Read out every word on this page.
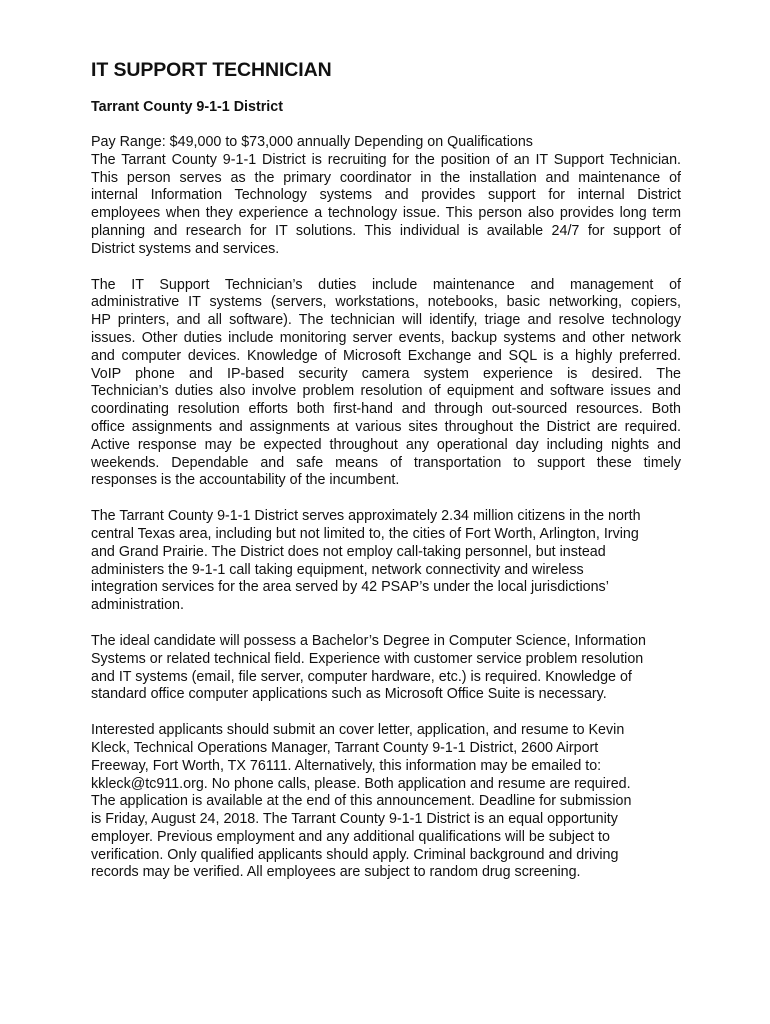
IT SUPPORT TECHNICIAN
Tarrant County 9-1-1 District
Pay Range: $49,000 to $73,000 annually Depending on Qualifications
The Tarrant County 9-1-1 District is recruiting for the position of an IT Support Technician.
This person serves as the primary coordinator in the installation and maintenance of
internal Information Technology systems and provides support for internal District
employees when they experience a technology issue. This person also provides long term
planning and research for IT solutions. This individual is available 24/7 for support of
District systems and services.
The IT Support Technician’s duties include maintenance and management of
administrative IT systems (servers, workstations, notebooks, basic networking, copiers,
HP printers, and all software). The technician will identify, triage and resolve technology
issues. Other duties include monitoring server events, backup systems and other network
and computer devices. Knowledge of Microsoft Exchange and SQL is a highly preferred.
VoIP phone and IP-based security camera system experience is desired. The
Technician’s duties also involve problem resolution of equipment and software issues and
coordinating resolution efforts both first-hand and through out-sourced resources. Both
office assignments and assignments at various sites throughout the District are required.
Active response may be expected throughout any operational day including nights and
weekends. Dependable and safe means of transportation to support these timely
responses is the accountability of the incumbent.
The Tarrant County 9-1-1 District serves approximately 2.34 million citizens in the north
central Texas area, including but not limited to, the cities of Fort Worth, Arlington, Irving
and Grand Prairie. The District does not employ call-taking personnel, but instead
administers the 9-1-1 call taking equipment, network connectivity and wireless
integration services for the area served by 42 PSAP’s under the local jurisdictions’
administration.
The ideal candidate will possess a Bachelor’s Degree in Computer Science, Information
Systems or related technical field. Experience with customer service problem resolution
and IT systems (email, file server, computer hardware, etc.) is required. Knowledge of
standard office computer applications such as Microsoft Office Suite is necessary.
Interested applicants should submit an cover letter, application, and resume to Kevin
Kleck, Technical Operations Manager, Tarrant County 9-1-1 District, 2600 Airport
Freeway, Fort Worth, TX 76111. Alternatively, this information may be emailed to:
kkleck@tc911.org. No phone calls, please. Both application and resume are required.
The application is available at the end of this announcement. Deadline for submission
is Friday, August 24, 2018. The Tarrant County 9-1-1 District is an equal opportunity
employer. Previous employment and any additional qualifications will be subject to
verification. Only qualified applicants should apply. Criminal background and driving
records may be verified. All employees are subject to random drug screening.
